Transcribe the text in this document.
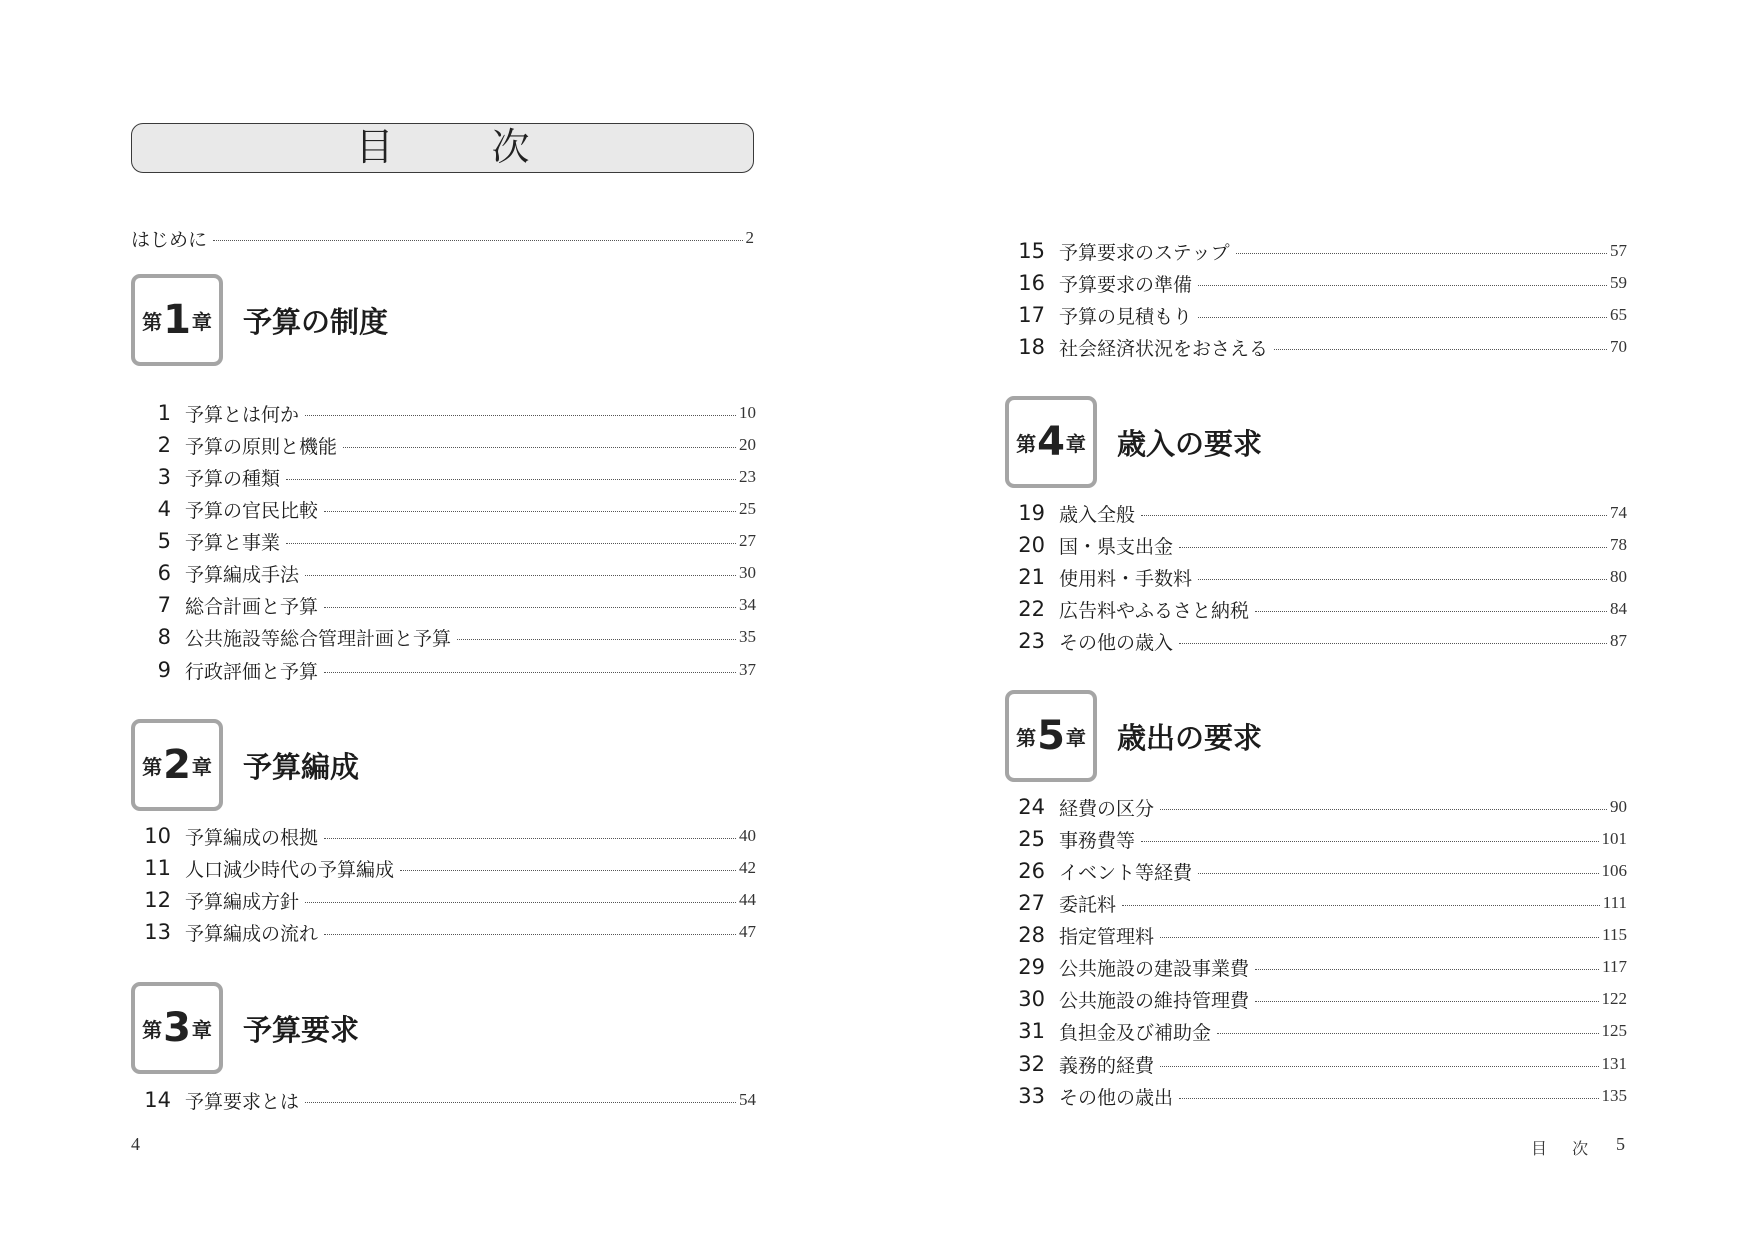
目　次
はじめに	2
第 1 章 予算の制度
1 予算とは何か	10
2 予算の原則と機能	20
3 予算の種類	23
4 予算の官民比較	25
5 予算と事業	27
6 予算編成手法	30
7 総合計画と予算	34
8 公共施設等総合管理計画と予算	35
9 行政評価と予算	37
第 2 章 予算編成
10 予算編成の根拠	40
11 人口減少時代の予算編成	42
12 予算編成方針	44
13 予算編成の流れ	47
第 3 章 予算要求
14 予算要求とは	54
4
15 予算要求のステップ	57
16 予算要求の準備	59
17 予算の見積もり	65
18 社会経済状況をおさえる	70
第 4 章 歳入の要求
19 歳入全般	74
20 国・県支出金	78
21 使用料・手数料	80
22 広告料やふるさと納税	84
23 その他の歳入	87
第 5 章 歳出の要求
24 経費の区分	90
25 事務費等	101
26 イベント等経費	106
27 委託料	111
28 指定管理料	115
29 公共施設の建設事業費	117
30 公共施設の維持管理費	122
31 負担金及び補助金	125
32 義務的経費	131
33 その他の歳出	135
目 次 5
